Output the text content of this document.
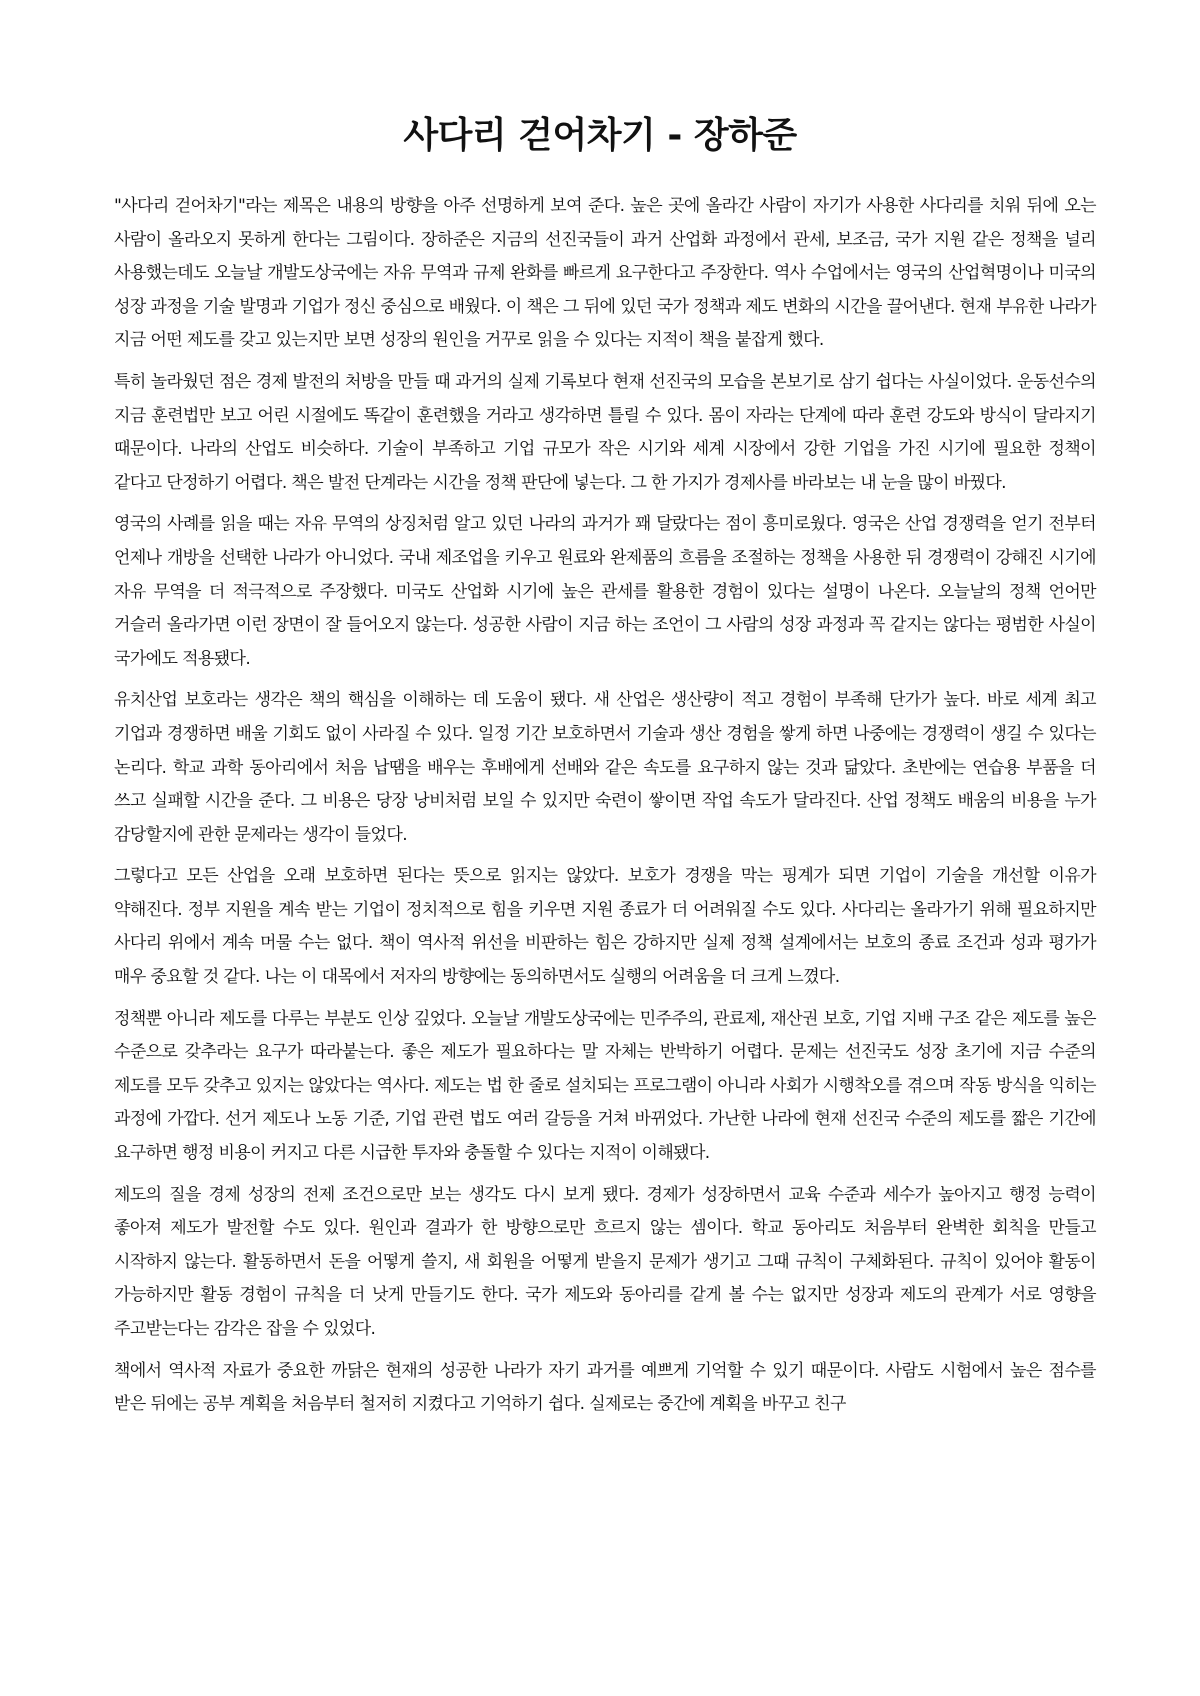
사다리 걷어차기 - 장하준

"사다리 걷어차기"라는 제목은 내용의 방향을 아주 선명하게 보여 준다. 높은 곳에 올라간 사람이 자기가 사용한 사다리를 치워 뒤에 오는 사람이 올라오지 못하게 한다는 그림이다. 장하준은 지금의 선진국들이 과거 산업화 과정에서 관세, 보조금, 국가 지원 같은 정책을 널리 사용했는데도 오늘날 개발도상국에는 자유 무역과 규제 완화를 빠르게 요구한다고 주장한다. 역사 수업에서는 영국의 산업혁명이나 미국의 성장 과정을 기술 발명과 기업가 정신 중심으로 배웠다. 이 책은 그 뒤에 있던 국가 정책과 제도 변화의 시간을 끌어낸다. 현재 부유한 나라가 지금 어떤 제도를 갖고 있는지만 보면 성장의 원인을 거꾸로 읽을 수 있다는 지적이 책을 붙잡게 했다.

특히 놀라웠던 점은 경제 발전의 처방을 만들 때 과거의 실제 기록보다 현재 선진국의 모습을 본보기로 삼기 쉽다는 사실이었다. 운동선수의 지금 훈련법만 보고 어린 시절에도 똑같이 훈련했을 거라고 생각하면 틀릴 수 있다. 몸이 자라는 단계에 따라 훈련 강도와 방식이 달라지기 때문이다. 나라의 산업도 비슷하다. 기술이 부족하고 기업 규모가 작은 시기와 세계 시장에서 강한 기업을 가진 시기에 필요한 정책이 같다고 단정하기 어렵다. 책은 발전 단계라는 시간을 정책 판단에 넣는다. 그 한 가지가 경제사를 바라보는 내 눈을 많이 바꿨다.

영국의 사례를 읽을 때는 자유 무역의 상징처럼 알고 있던 나라의 과거가 꽤 달랐다는 점이 흥미로웠다. 영국은 산업 경쟁력을 얻기 전부터 언제나 개방을 선택한 나라가 아니었다. 국내 제조업을 키우고 원료와 완제품의 흐름을 조절하는 정책을 사용한 뒤 경쟁력이 강해진 시기에 자유 무역을 더 적극적으로 주장했다. 미국도 산업화 시기에 높은 관세를 활용한 경험이 있다는 설명이 나온다. 오늘날의 정책 언어만 거슬러 올라가면 이런 장면이 잘 들어오지 않는다. 성공한 사람이 지금 하는 조언이 그 사람의 성장 과정과 꼭 같지는 않다는 평범한 사실이 국가에도 적용됐다.

유치산업 보호라는 생각은 책의 핵심을 이해하는 데 도움이 됐다. 새 산업은 생산량이 적고 경험이 부족해 단가가 높다. 바로 세계 최고 기업과 경쟁하면 배울 기회도 없이 사라질 수 있다. 일정 기간 보호하면서 기술과 생산 경험을 쌓게 하면 나중에는 경쟁력이 생길 수 있다는 논리다. 학교 과학 동아리에서 처음 납땜을 배우는 후배에게 선배와 같은 속도를 요구하지 않는 것과 닮았다. 초반에는 연습용 부품을 더 쓰고 실패할 시간을 준다. 그 비용은 당장 낭비처럼 보일 수 있지만 숙련이 쌓이면 작업 속도가 달라진다. 산업 정책도 배움의 비용을 누가 감당할지에 관한 문제라는 생각이 들었다.

그렇다고 모든 산업을 오래 보호하면 된다는 뜻으로 읽지는 않았다. 보호가 경쟁을 막는 핑계가 되면 기업이 기술을 개선할 이유가 약해진다. 정부 지원을 계속 받는 기업이 정치적으로 힘을 키우면 지원 종료가 더 어려워질 수도 있다. 사다리는 올라가기 위해 필요하지만 사다리 위에서 계속 머물 수는 없다. 책이 역사적 위선을 비판하는 힘은 강하지만 실제 정책 설계에서는 보호의 종료 조건과 성과 평가가 매우 중요할 것 같다. 나는 이 대목에서 저자의 방향에는 동의하면서도 실행의 어려움을 더 크게 느꼈다.

정책뿐 아니라 제도를 다루는 부분도 인상 깊었다. 오늘날 개발도상국에는 민주주의, 관료제, 재산권 보호, 기업 지배 구조 같은 제도를 높은 수준으로 갖추라는 요구가 따라붙는다. 좋은 제도가 필요하다는 말 자체는 반박하기 어렵다. 문제는 선진국도 성장 초기에 지금 수준의 제도를 모두 갖추고 있지는 않았다는 역사다. 제도는 법 한 줄로 설치되는 프로그램이 아니라 사회가 시행착오를 겪으며 작동 방식을 익히는 과정에 가깝다. 선거 제도나 노동 기준, 기업 관련 법도 여러 갈등을 거쳐 바뀌었다. 가난한 나라에 현재 선진국 수준의 제도를 짧은 기간에 요구하면 행정 비용이 커지고 다른 시급한 투자와 충돌할 수 있다는 지적이 이해됐다.

제도의 질을 경제 성장의 전제 조건으로만 보는 생각도 다시 보게 됐다. 경제가 성장하면서 교육 수준과 세수가 높아지고 행정 능력이 좋아져 제도가 발전할 수도 있다. 원인과 결과가 한 방향으로만 흐르지 않는 셈이다. 학교 동아리도 처음부터 완벽한 회칙을 만들고 시작하지 않는다. 활동하면서 돈을 어떻게 쓸지, 새 회원을 어떻게 받을지 문제가 생기고 그때 규칙이 구체화된다. 규칙이 있어야 활동이 가능하지만 활동 경험이 규칙을 더 낫게 만들기도 한다. 국가 제도와 동아리를 같게 볼 수는 없지만 성장과 제도의 관계가 서로 영향을 주고받는다는 감각은 잡을 수 있었다.

책에서 역사적 자료가 중요한 까닭은 현재의 성공한 나라가 자기 과거를 예쁘게 기억할 수 있기 때문이다. 사람도 시험에서 높은 점수를 받은 뒤에는 공부 계획을 처음부터 철저히 지켰다고 기억하기 쉽다. 실제로는 중간에 계획을 바꾸고 친구
